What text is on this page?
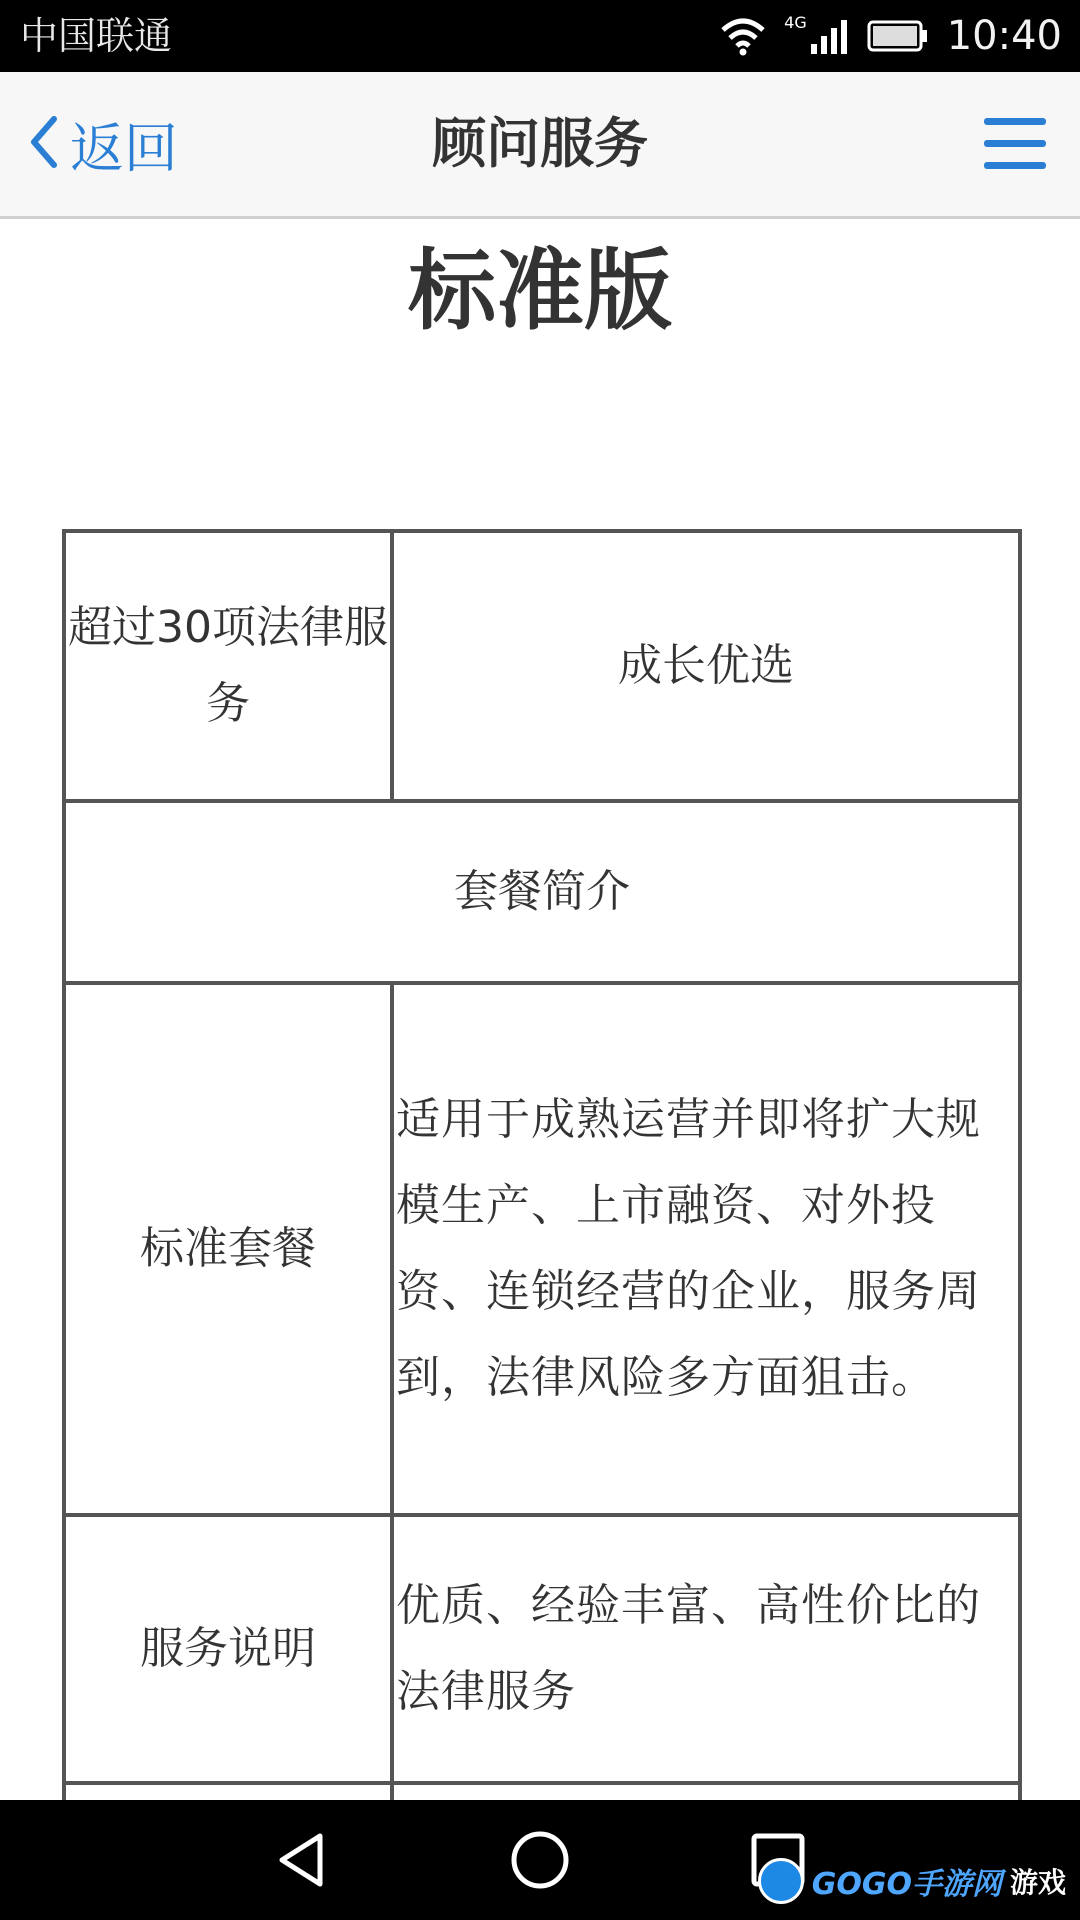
中国联通	4G	10:40
返回	顾问服务
标准版
超过30项法律服务	成长优选
套餐简介	
标准套餐	适用于成熟运营并即将扩大规模生产、上市融资、对外投资、连锁经营的企业，服务周到，法律风险多方面狙击。
服务说明	优质、经验丰富、高性价比的法律服务

GOGO手游网 游戏
